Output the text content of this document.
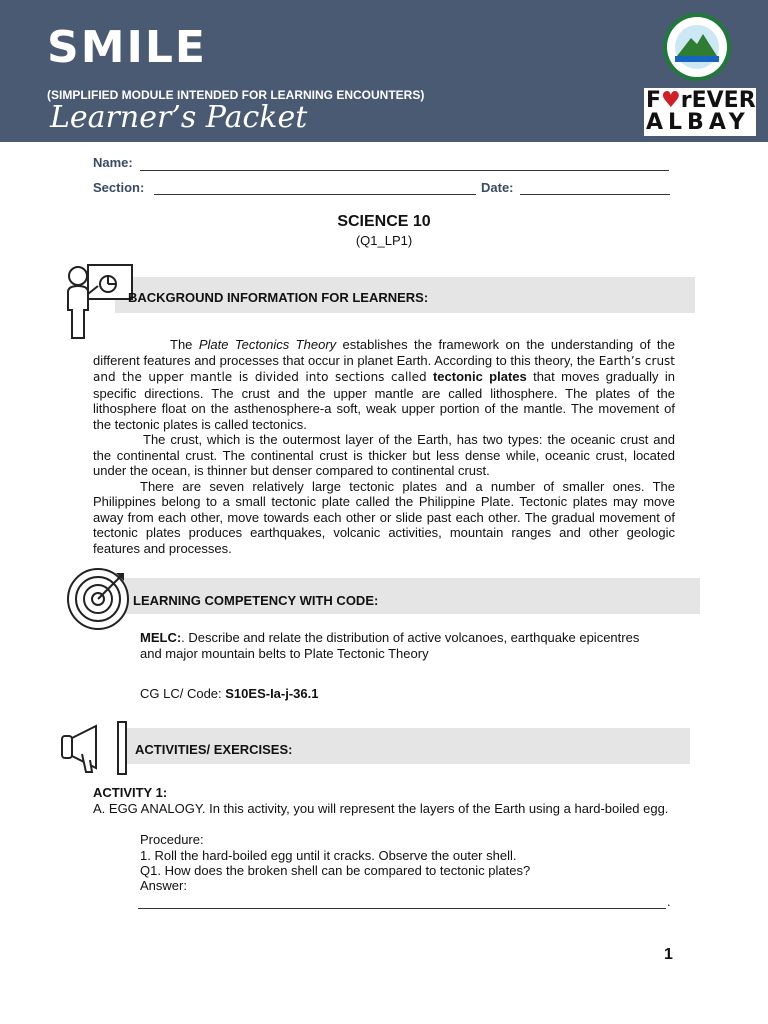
SMILE
(SIMPLIFIED MODULE INTENDED FOR LEARNING ENCOUNTERS)
Learner’s Packet	F♥rEVER
ALBAY
Name:
Section:	Date:
SCIENCE 10
(Q1_LP1)
BACKGROUND INFORMATION FOR LEARNERS:

The Plate Tectonics Theory establishes the framework on the understanding of the different features and processes that occur in planet Earth. According to this theory, the Earth’s crust and the upper mantle is divided into sections called tectonic plates that moves gradually in specific directions. The crust and the upper mantle are called lithosphere. The plates of the lithosphere float on the asthenosphere-a soft, weak upper portion of the mantle. The movement of the tectonic plates is called tectonics.

The crust, which is the outermost layer of the Earth, has two types: the oceanic crust and the continental crust. The continental crust is thicker but less dense while, oceanic crust, located under the ocean, is thinner but denser compared to continental crust.

There are seven relatively large tectonic plates and a number of smaller ones. The Philippines belong to a small tectonic plate called the Philippine Plate. Tectonic plates may move away from each other, move towards each other or slide past each other. The gradual movement of tectonic plates produces earthquakes, volcanic activities, mountain ranges and other geologic features and processes.

LEARNING COMPETENCY WITH CODE:
MELC:. Describe and relate the distribution of active volcanoes, earthquake epicentres and major mountain belts to Plate Tectonic Theory
CG LC/ Code: S10ES-Ia-j-36.1
ACTIVITIES/ EXERCISES:
ACTIVITY 1:
A. EGG ANALOGY. In this activity, you will represent the layers of the Earth using a hard-boiled egg.
Procedure:
1. Roll the hard-boiled egg until it cracks. Observe the outer shell.
Q1. How does the broken shell can be compared to tectonic plates?
Answer:
.
1
